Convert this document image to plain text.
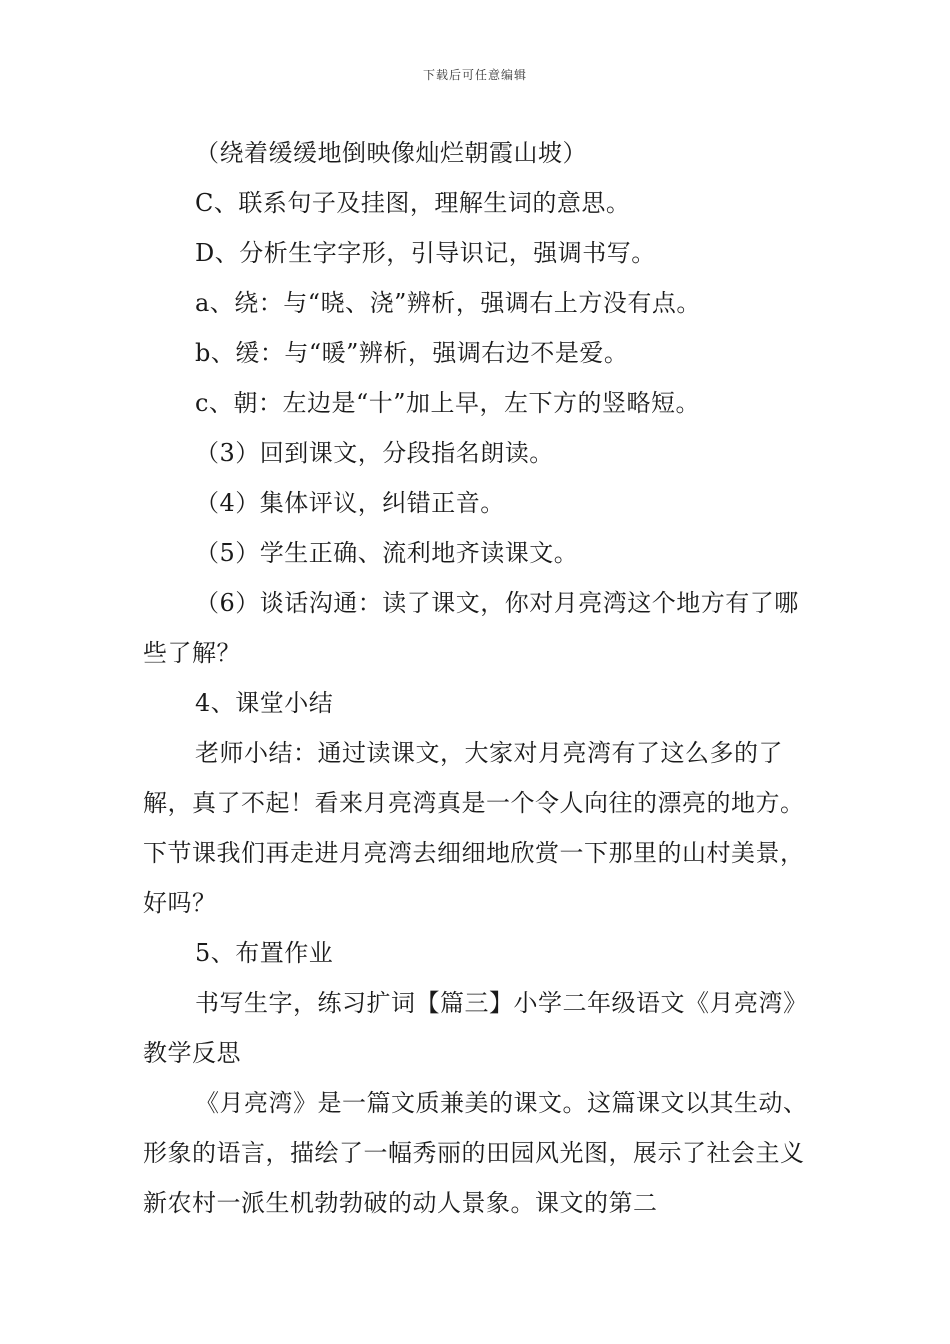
下载后可任意编辑

（绕着缓缓地倒映像灿烂朝霞山坡）

C、联系句子及挂图，理解生词的意思。

D、分析生字字形，引导识记，强调书写。

a、绕：与“晓、浇”辨析，强调右上方没有点。

b、缓：与“暖”辨析，强调右边不是爱。

c、朝：左边是“十”加上早，左下方的竖略短。

（3）回到课文，分段指名朗读。

（4）集体评议，纠错正音。

（5）学生正确、流利地齐读课文。

（6）谈话沟通：读了课文，你对月亮湾这个地方有了哪些了解？

4、课堂小结

老师小结：通过读课文，大家对月亮湾有了这么多的了解，真了不起！看来月亮湾真是一个令人向往的漂亮的地方。下节课我们再走进月亮湾去细细地欣赏一下那里的山村美景，好吗？

5、布置作业

书写生字，练习扩词【篇三】小学二年级语文《月亮湾》教学反思

《月亮湾》是一篇文质兼美的课文。这篇课文以其生动、形象的语言，描绘了一幅秀丽的田园风光图，展示了社会主义新农村一派生机勃勃破的动人景象。课文的第二
